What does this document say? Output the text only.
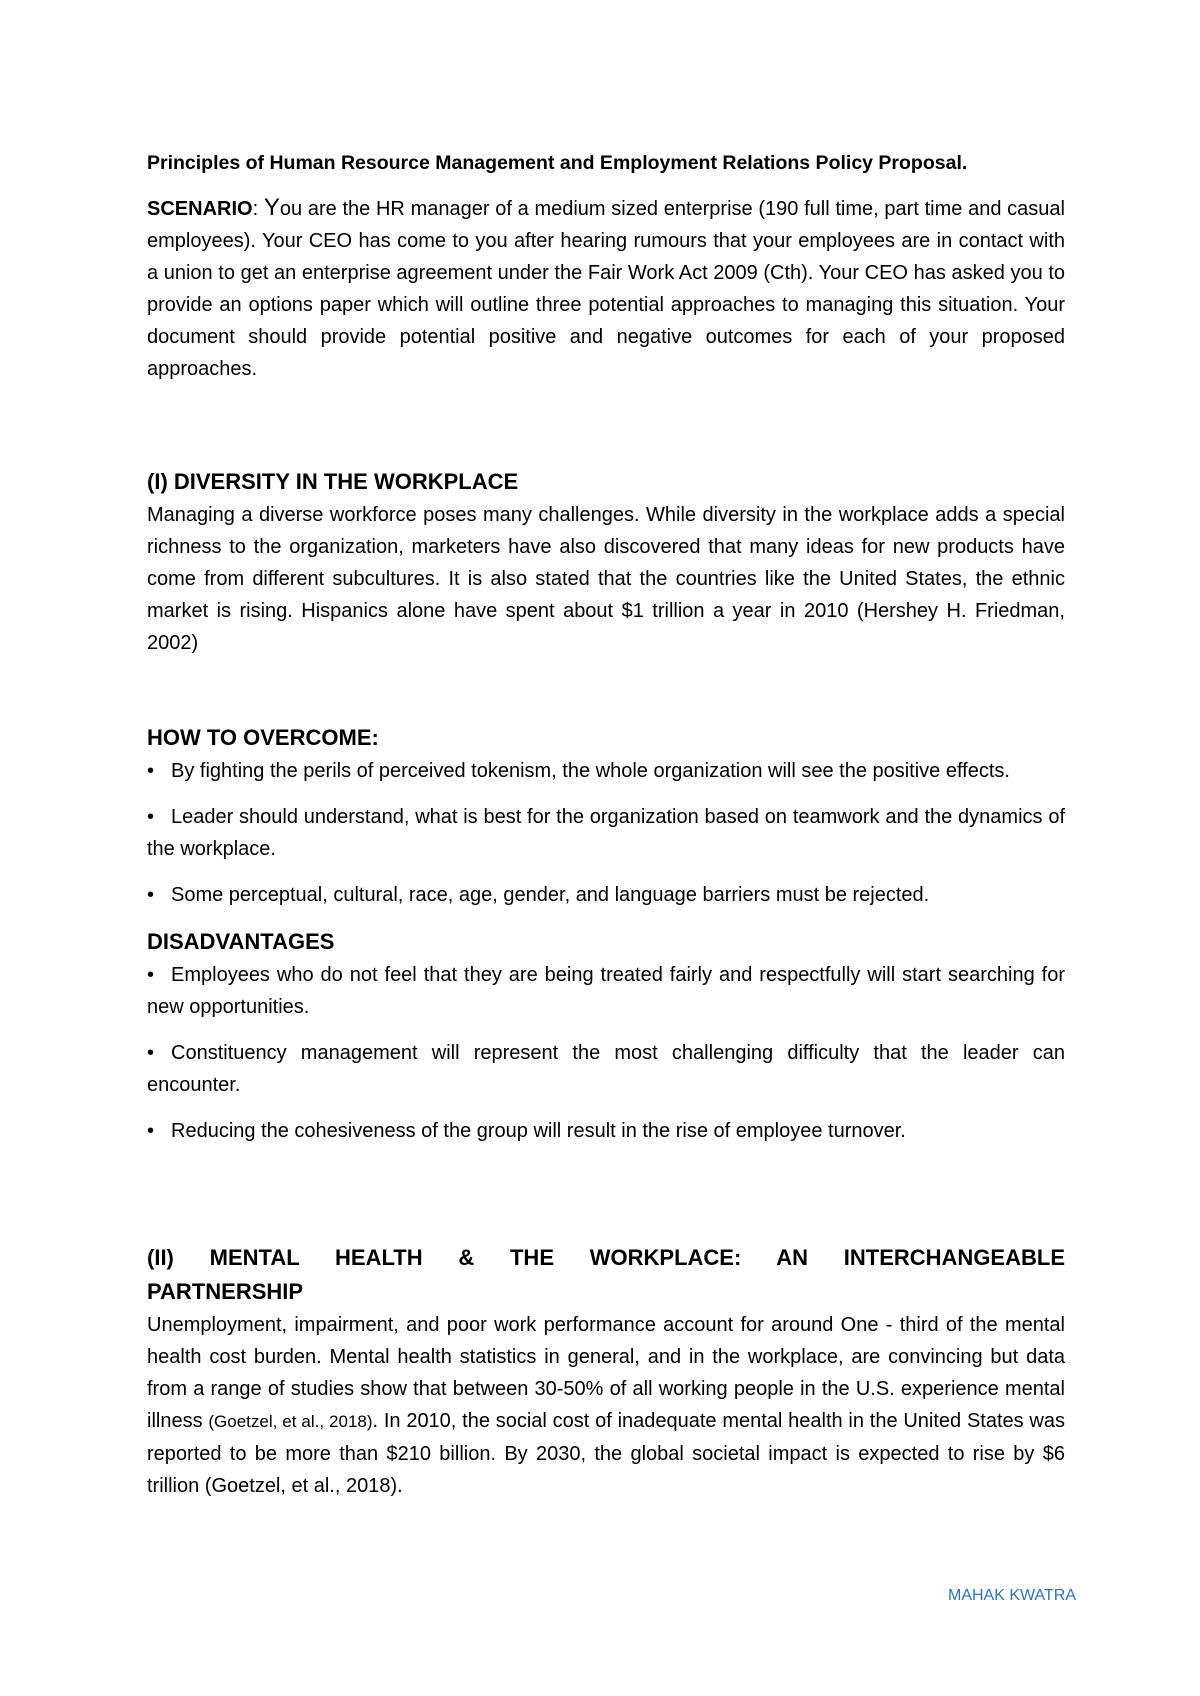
Principles of Human Resource Management and Employment Relations Policy Proposal.

SCENARIO: You are the HR manager of a medium sized enterprise (190 full time, part time and casual employees). Your CEO has come to you after hearing rumours that your employees are in contact with a union to get an enterprise agreement under the Fair Work Act 2009 (Cth). Your CEO has asked you to provide an options paper which will outline three potential approaches to managing this situation. Your document should provide potential positive and negative outcomes for each of your proposed approaches.

(I) DIVERSITY IN THE WORKPLACE

Managing a diverse workforce poses many challenges. While diversity in the workplace adds a special richness to the organization, marketers have also discovered that many ideas for new products have come from different subcultures. It is also stated that the countries like the United States, the ethnic market is rising. Hispanics alone have spent about $1 trillion a year in 2010 (Hershey H. Friedman, 2002)

HOW TO OVERCOME:

• By fighting the perils of perceived tokenism, the whole organization will see the positive effects.

• Leader should understand, what is best for the organization based on teamwork and the dynamics of the workplace.

• Some perceptual, cultural, race, age, gender, and language barriers must be rejected.

DISADVANTAGES

• Employees who do not feel that they are being treated fairly and respectfully will start searching for new opportunities.

• Constituency management will represent the most challenging difficulty that the leader can encounter.

• Reducing the cohesiveness of the group will result in the rise of employee turnover.

(II) MENTAL HEALTH & THE WORKPLACE: AN INTERCHANGEABLE

PARTNERSHIP

Unemployment, impairment, and poor work performance account for around One - third of the mental health cost burden. Mental health statistics in general, and in the workplace, are convincing but data from a range of studies show that between 30-50% of all working people in the U.S. experience mental illness (Goetzel, et al., 2018). In 2010, the social cost of inadequate mental health in the United States was reported to be more than $210 billion. By 2030, the global societal impact is expected to rise by $6 trillion (Goetzel, et al., 2018).

MAHAK KWATRA
